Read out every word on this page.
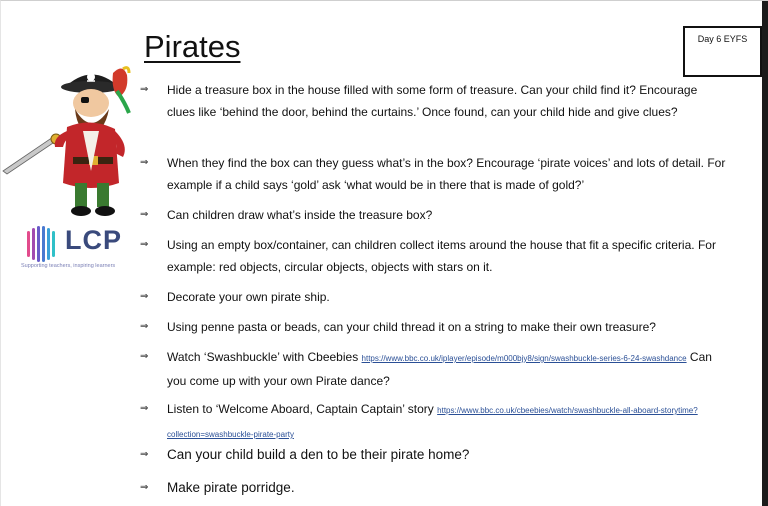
Pirates	Day 6 EYFS
LCP
Supporting teachers, inspiring learners
⇒	Hide a treasure box in the house filled with some form of treasure. Can your child find it? Encourage clues like ‘behind the door, behind the curtains.’ Once found, can your child hide and give clues?
⇒	When they find the box can they guess what’s in the box? Encourage ‘pirate voices’ and lots of detail. For example if a child says ‘gold’ ask ‘what would be in there that is made of gold?’
⇒	Can children draw what’s inside the treasure box?
⇒	Using an empty box/container, can children collect items around the house that fit a specific criteria. For example: red objects, circular objects, objects with stars on it.
⇒	Decorate your own pirate ship.
⇒	Using penne pasta or beads, can your child thread it on a string to make their own treasure?
⇒	Watch ‘Swashbuckle’ with Cbeebies https://www.bbc.co.uk/iplayer/episode/m000bjy8/sign/swashbuckle-series-6-24-swashdance Can you come up with your own Pirate dance?
⇒	Listen to ‘Welcome Aboard, Captain Captain’ story https://www.bbc.co.uk/cbeebies/watch/swashbuckle-all-aboard-storytime?collection=swashbuckle-pirate-party
⇒	Can your child build a den to be their pirate home?
⇒	Make pirate porridge.
